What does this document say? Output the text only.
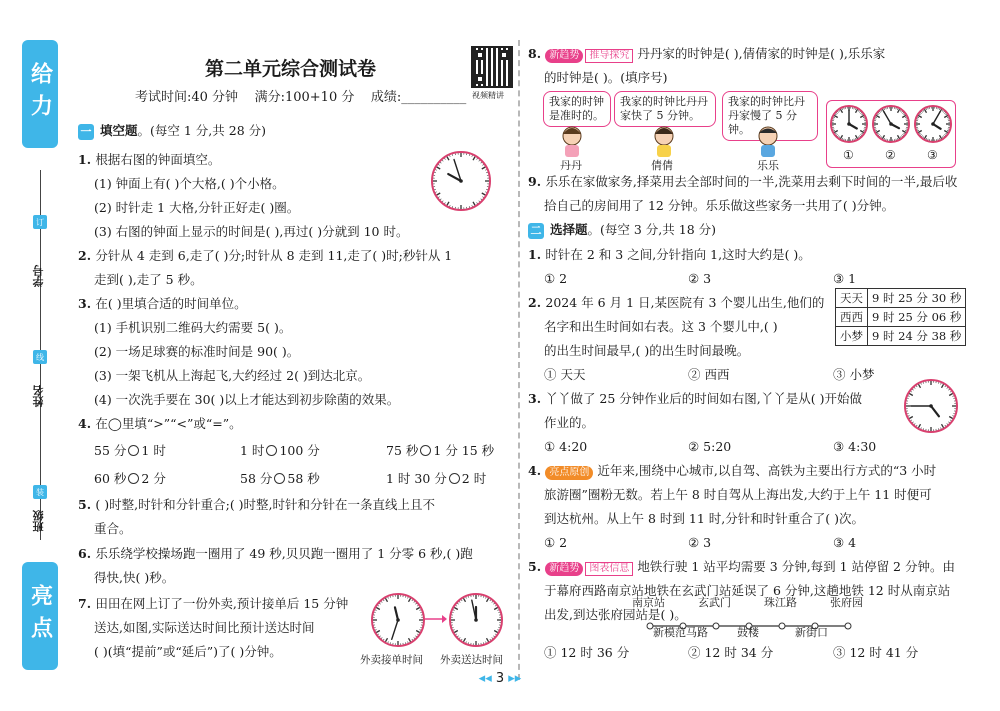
给力
亮点
学号
姓名
班级
订
线
装
第二单元综合测试卷
考试时间:40 分钟    满分:100+10 分    成绩:__________ 视频精讲
一 填空题。(每空 1 分,共 28 分)
1. 根据右图的钟面填空。
(1) 钟面上有( )个大格,( )个小格。
(2) 时针走 1 大格,分针正好走( )圈。
(3) 右图的钟面上显示的时间是( ),再过( )分就到 10 时。
2. 分针从 4 走到 6,走了( )分;时针从 8 走到 11,走了( )时;秒针从 1
走到( ),走了 5 秒。
3. 在( )里填合适的时间单位。
(1) 手机识别二维码大约需要 5( )。
(2) 一场足球赛的标准时间是 90( )。
(3) 一架飞机从上海起飞,大约经过 2( )到达北京。
(4) 一次洗手要在 30( )以上才能达到初步除菌的效果。
4. 在◯里填“>”“<”或“=”。
55 分 1 时	1 时 100 分	75 秒 1 分 15 秒
60 秒 2 分	58 分 58 秒	1 时 30 分 2 时
5. ( )时整,时针和分针重合;( )时整,时针和分针在一条直线上且不
重合。
6. 乐乐绕学校操场跑一圈用了 49 秒,贝贝跑一圈用了 1 分零 6 秒,( )跑
得快,快( )秒。
7. 田田在网上订了一份外卖,预计接单后 15 分钟
送达,如图,实际送达时间比预计送达时间
( )(填“提前”或“延后”)了( )分钟。
外卖接单时间 外卖送达时间
8. 新趋势 推导探究 丹丹家的时钟是( ),倩倩家的时钟是( ),乐乐家
的时钟是( )。(填序号)
我家的时钟是准时的。
我家的时钟比丹丹家快了 5 分钟。
我家的时钟比丹丹家慢了 5 分钟。
丹丹	倩倩	乐乐
①	②	③
9. 乐乐在家做家务,择菜用去全部时间的一半,洗菜用去剩下时间的一半,最后收
拾自己的房间用了 12 分钟。乐乐做这些家务一共用了( )分钟。
二 选择题。(每空 3 分,共 18 分)
1. 时针在 2 和 3 之间,分针指向 1,这时大约是( )。
① 2	② 3	③ 1
2. 2024 年 6 月 1 日,某医院有 3 个婴儿出生,他们的
名字和出生时间如右表。这 3 个婴儿中,( )
的出生时间最早,( )的出生时间最晚。
① 天天	② 西西	③ 小梦
天天	9 时 25 分 30 秒
西西	9 时 25 分 06 秒
小梦	9 时 24 分 38 秒
3. 丫丫做了 25 分钟作业后的时间如右图,丫丫是从( )开始做
作业的。
① 4:20	② 5:20	③ 4:30
4. 亮点原创 近年来,围绕中心城市,以自驾、高铁为主要出行方式的“3 小时
旅游圈”圈粉无数。若上午 8 时自驾从上海出发,大约于上午 11 时便可
到达杭州。从上午 8 时到 11 时,分针和时针重合了( )次。
① 2	② 3	③ 4
5. 新趋势 图表信息 地铁行驶 1 站平均需要 3 分钟,每到 1 站停留 2 分钟。由
于幕府西路南京站地铁在玄武门站延误了 6 分钟,这趟地铁 12 时从南京站
出发,到达张府园站是( )。
南京站	玄武门	珠江路	张府园
新模范马路	鼓楼	新街口
① 12 时 36 分	② 12 时 34 分	③ 12 时 41 分
◂◂ 3 ▸▸
